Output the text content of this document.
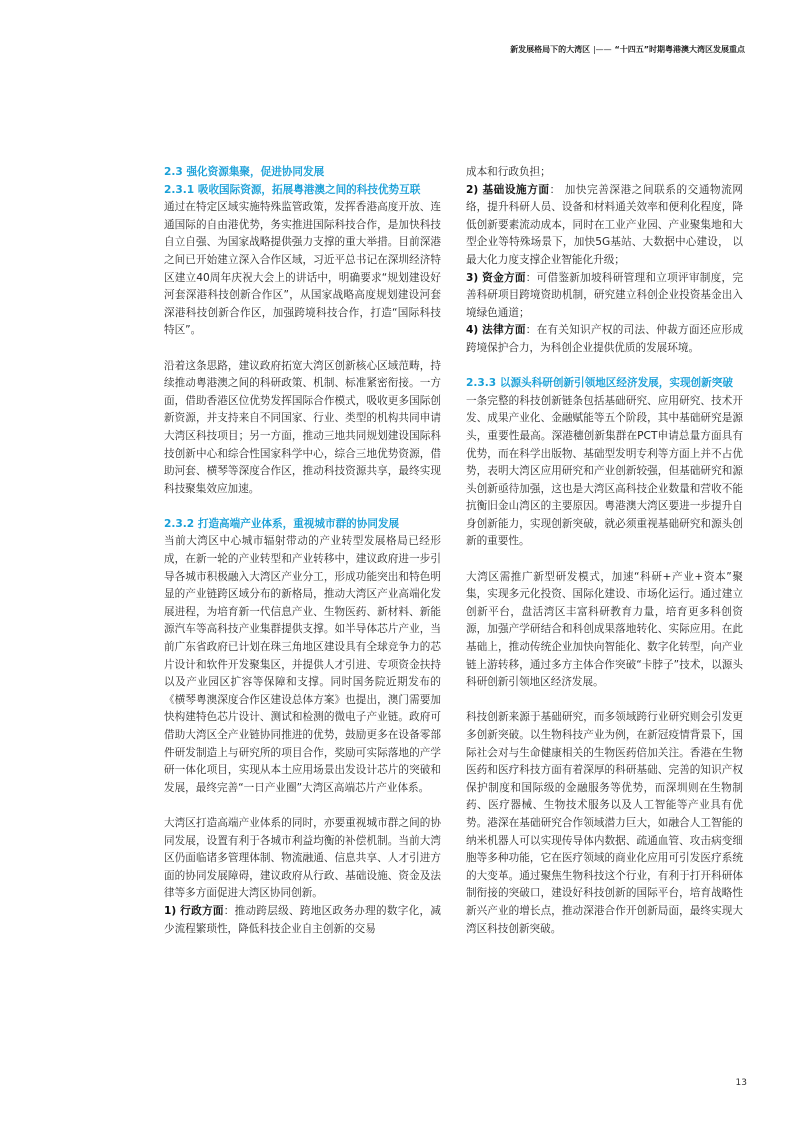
新发展格局下的大湾区 |—— “十四五”时期粤港澳大湾区发展重点
2.3 强化资源集聚，促进协同发展
2.3.1 吸收国际资源，拓展粤港澳之间的科技优势互联

通过在特定区域实施特殊监管政策，发挥香港高度开放、连通国际的自由港优势，务实推进国际科技合作，是加快科技自立自强、为国家战略提供强力支撑的重大举措。目前深港之间已开始建立深入合作区域，习近平总书记在深圳经济特区建立40周年庆祝大会上的讲话中，明确要求“规划建设好河套深港科技创新合作区”，从国家战略高度规划建设河套深港科技创新合作区，加强跨境科技合作，打造“国际科技特区”。

沿着这条思路，建议政府拓宽大湾区创新核心区域范畴，持续推动粤港澳之间的科研政策、机制、标准紧密衔接。一方面，借助香港区位优势发挥国际合作模式，吸收更多国际创新资源，并支持来自不同国家、行业、类型的机构共同申请大湾区科技项目；另一方面，推动三地共同规划建设国际科技创新中心和综合性国家科学中心，综合三地优势资源，借助河套、横琴等深度合作区，推动科技资源共享，最终实现科技聚集效应加速。

2.3.2 打造高端产业体系，重视城市群的协同发展

当前大湾区中心城市辐射带动的产业转型发展格局已经形成，在新一轮的产业转型和产业转移中，建议政府进一步引导各城市积极融入大湾区产业分工，形成功能突出和特色明显的产业链跨区域分布的新格局，推动大湾区产业高端化发展进程，为培育新一代信息产业、生物医药、新材料、新能源汽车等高科技产业集群提供支撑。如半导体芯片产业，当前广东省政府已计划在珠三角地区建设具有全球竞争力的芯片设计和软件开发聚集区，并提供人才引进、专项资金扶持以及产业园区扩容等保障和支撑。同时国务院近期发布的《横琴粤澳深度合作区建设总体方案》也提出，澳门需要加快构建特色芯片设计、测试和检测的微电子产业链。政府可借助大湾区全产业链协同推进的优势，鼓励更多在设备零部件研发制造上与研究所的项目合作，奖励可实际落地的产学研一体化项目，实现从本土应用场景出发设计芯片的突破和发展，最终完善“一日产业圈”大湾区高端芯片产业体系。

大湾区打造高端产业体系的同时，亦要重视城市群之间的协同发展，设置有利于各城市利益均衡的补偿机制。当前大湾区仍面临诸多管理体制、物流融通、信息共享、人才引进方面的协同发展障碍，建议政府从行政、基础设施、资金及法律等多方面促进大湾区协同创新。

1) 行政方面：推动跨层级、跨地区政务办理的数字化，减少流程繁琐性，降低科技企业自主创新的交易

成本和行政负担；

2) 基础设施方面： 加快完善深港之间联系的交通物流网络，提升科研人员、设备和材料通关效率和便利化程度，降低创新要素流动成本，同时在工业产业园、产业聚集地和大型企业等特殊场景下，加快5G基站、大数据中心建设， 以最大化力度支撑企业智能化升级；

3) 资金方面：可借鉴新加坡科研管理和立项评审制度，完善科研项目跨境资助机制，研究建立科创企业投资基金出入境绿色通道；

4) 法律方面：在有关知识产权的司法、仲裁方面还应形成跨境保护合力，为科创企业提供优质的发展环境。

2.3.3 以源头科研创新引领地区经济发展，实现创新突破

一条完整的科技创新链条包括基础研究、应用研究、技术开发、成果产业化、金融赋能等五个阶段，其中基础研究是源头，重要性最高。深港穗创新集群在PCT申请总量方面具有优势，而在科学出版物、基础型发明专利等方面上并不占优势，表明大湾区应用研究和产业创新较强，但基础研究和源头创新亟待加强，这也是大湾区高科技企业数量和营收不能抗衡旧金山湾区的主要原因。粤港澳大湾区要进一步提升自身创新能力，实现创新突破，就必须重视基础研究和源头创新的重要性。

大湾区需推广新型研发模式，加速“科研+产业+资本”聚集，实现多元化投资、国际化建设、市场化运行。通过建立创新平台，盘活湾区丰富科研教育力量，培育更多科创资源，加强产学研结合和科创成果落地转化、实际应用。在此基础上，推动传统企业加快向智能化、数字化转型，向产业链上游转移，通过多方主体合作突破“卡脖子”技术，以源头科研创新引领地区经济发展。

科技创新来源于基础研究，而多领域跨行业研究则会引发更多创新突破。以生物科技产业为例，在新冠疫情背景下，国际社会对与生命健康相关的生物医药倍加关注。香港在生物医药和医疗科技方面有着深厚的科研基础、完善的知识产权保护制度和国际级的金融服务等优势，而深圳则在生物制药、医疗器械、生物技术服务以及人工智能等产业具有优势。港深在基础研究合作领域潜力巨大，如融合人工智能的纳米机器人可以实现传导体内数据、疏通血管、攻击病变细胞等多种功能，它在医疗领域的商业化应用可引发医疗系统的大变革。通过聚焦生物科技这个行业，有利于打开科研体制衔接的突破口，建设好科技创新的国际平台，培育战略性新兴产业的增长点，推动深港合作开创新局面，最终实现大湾区科技创新突破。

13
